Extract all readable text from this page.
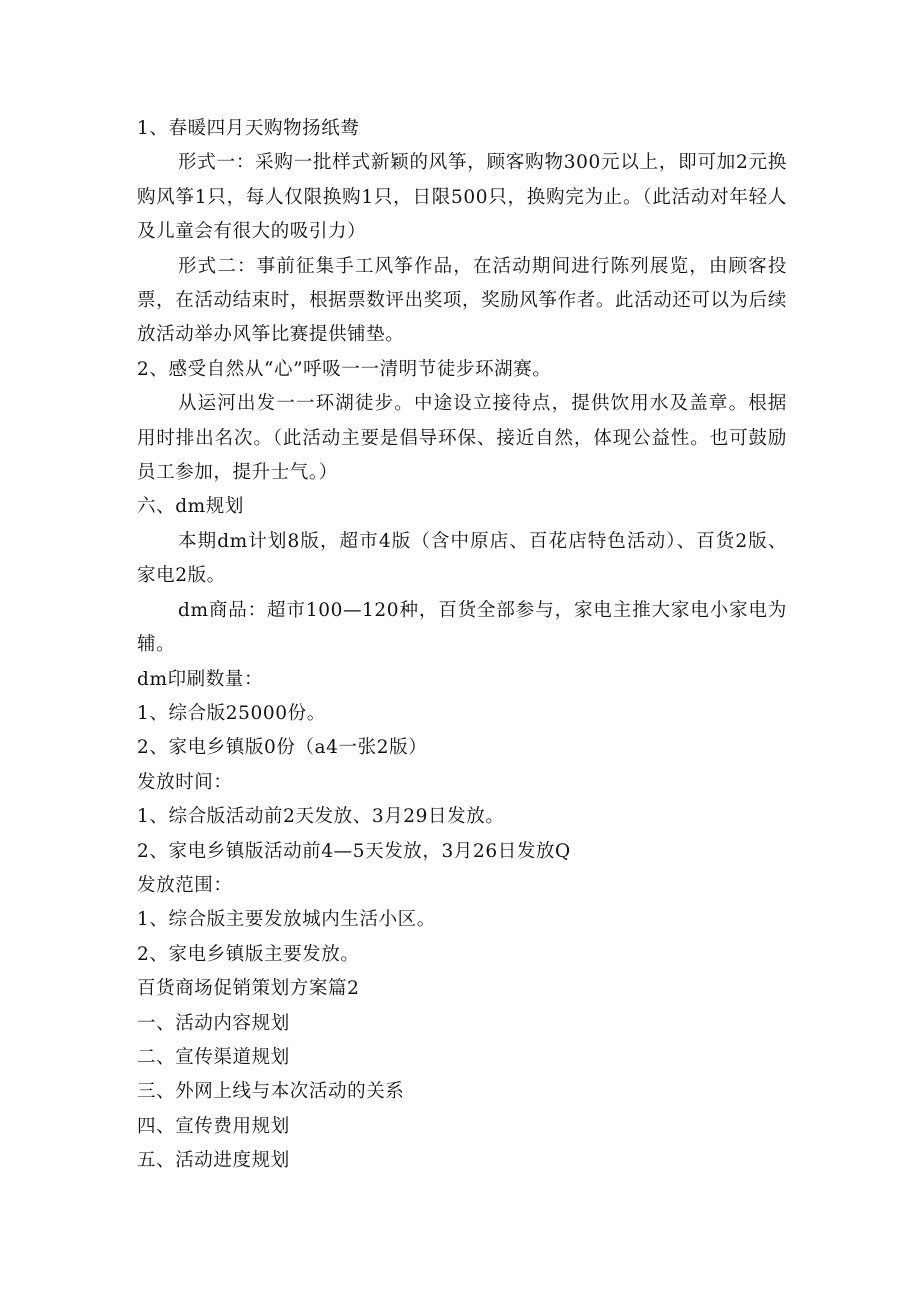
1、春暖四月天购物扬纸鸯

形式一：采购一批样式新颖的风筝，顾客购物300元以上，即可加2元换购风筝1只，每人仅限换购1只，日限500只，换购完为止。（此活动对年轻人及儿童会有很大的吸引力）

形式二：事前征集手工风筝作品，在活动期间进行陈列展览，由顾客投票，在活动结束时，根据票数评出奖项，奖励风筝作者。此活动还可以为后续放活动举办风筝比赛提供铺垫。

2、感受自然从“心”呼吸一一清明节徒步环湖赛。

从运河出发一一环湖徒步。中途设立接待点，提供饮用水及盖章。根据用时排出名次。（此活动主要是倡导环保、接近自然，体现公益性。也可鼓励员工参加，提升士气。）

六、dm规划

本期dm计划8版，超市4版（含中原店、百花店特色活动）、百货2版、家电2版。

dm商品：超市100—120种，百货全部参与，家电主推大家电小家电为辅。

dm印刷数量：

1、综合版25000份。

2、家电乡镇版0份（a4一张2版）

发放时间：

1、综合版活动前2天发放、3月29日发放。

2、家电乡镇版活动前4—5天发放，3月26日发放Q

发放范围：

1、综合版主要发放城内生活小区。

2、家电乡镇版主要发放。

百货商场促销策划方案篇2

一、活动内容规划

二、宣传渠道规划

三、外网上线与本次活动的关系

四、宣传费用规划

五、活动进度规划
